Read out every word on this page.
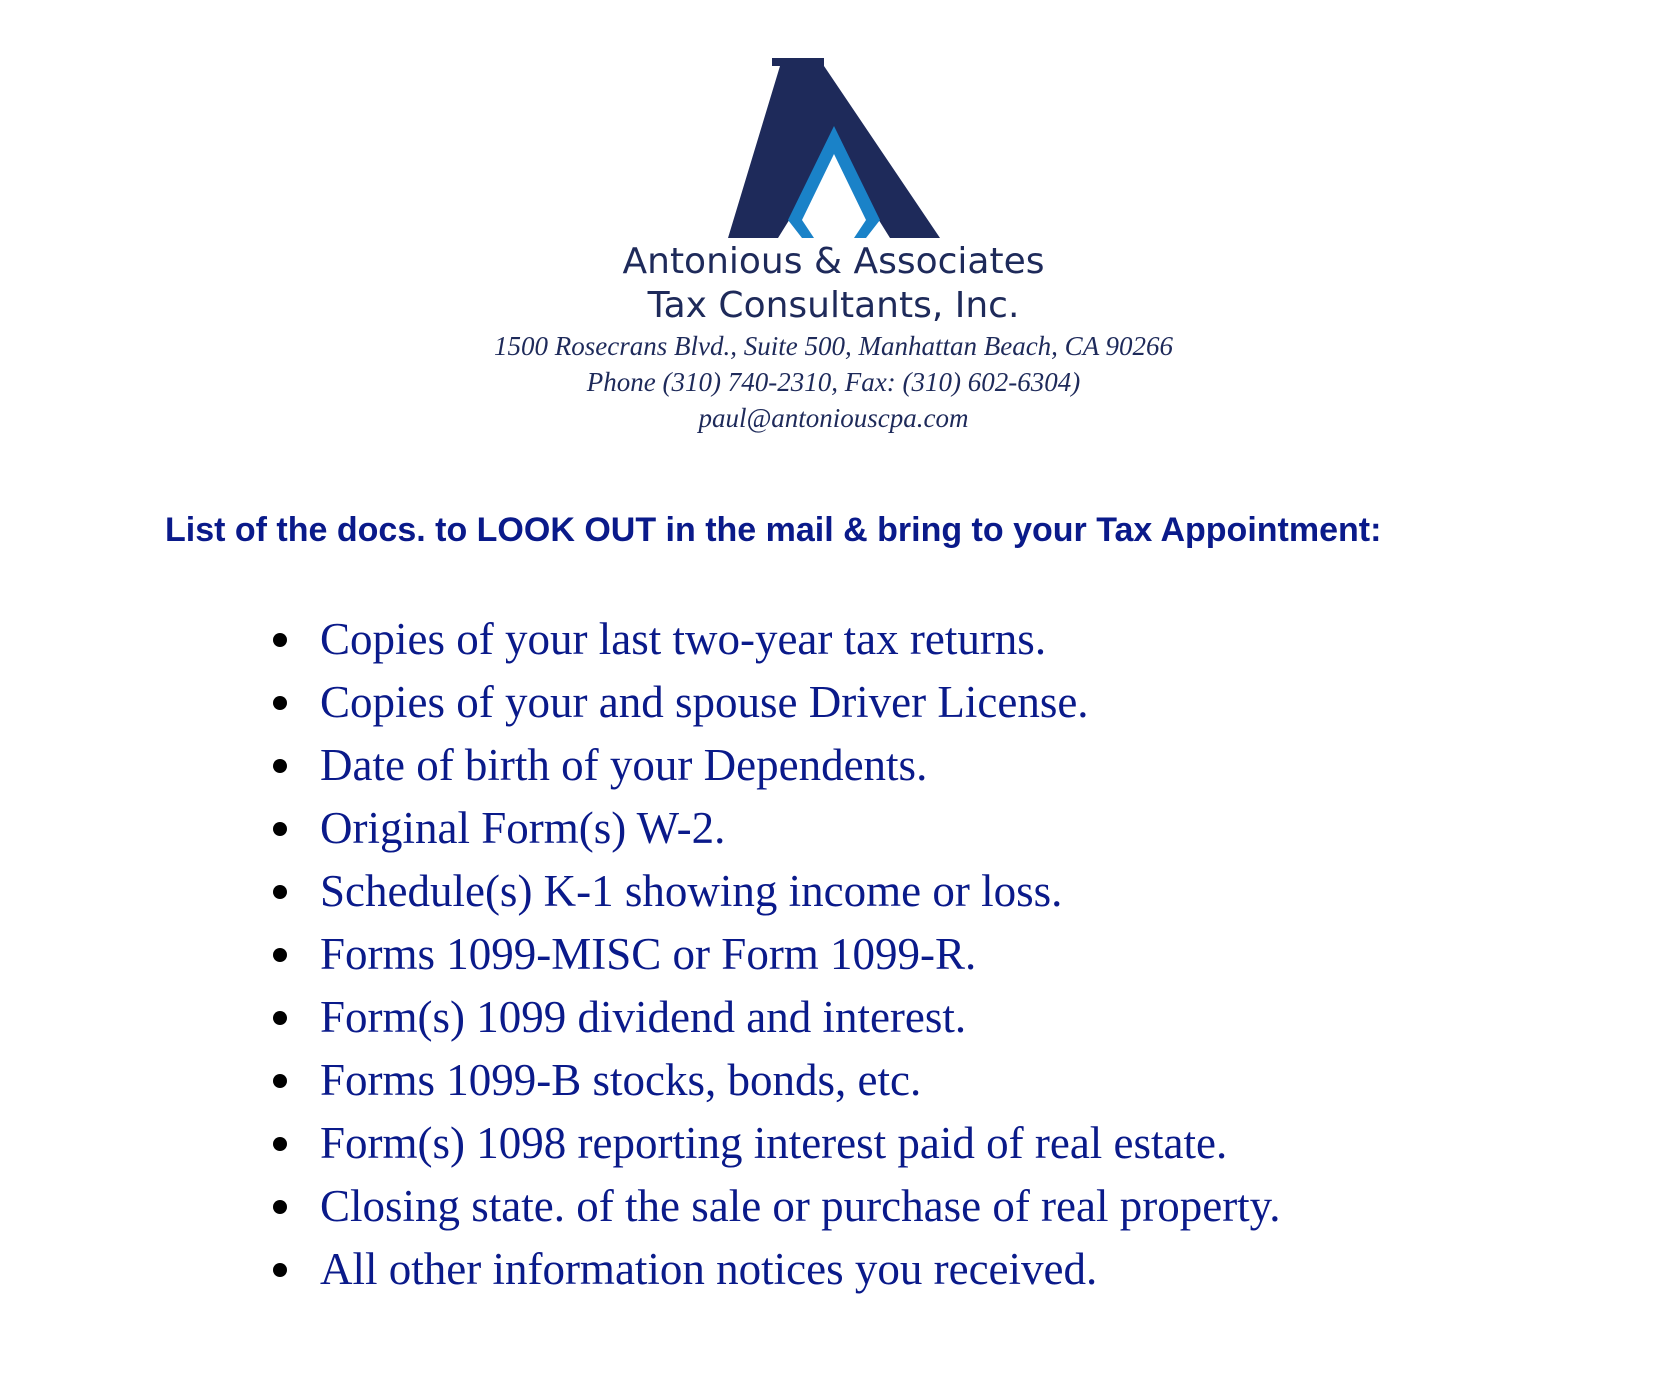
Antonious & Associates
Tax Consultants, Inc.
1500 Rosecrans Blvd., Suite 500, Manhattan Beach, CA 90266
Phone (310) 740-2310, Fax: (310) 602-6304)
paul@antoniouscpa.com
List of the docs. to LOOK OUT in the mail & bring to your Tax Appointment:
Copies of your last two-year tax returns.
Copies of your and spouse Driver License.
Date of birth of your Dependents.
Original Form(s) W-2.
Schedule(s) K-1 showing income or loss.
Forms 1099-MISC or Form 1099-R.
Form(s) 1099 dividend and interest.
Forms 1099-B stocks, bonds, etc.
Form(s) 1098 reporting interest paid of real estate.
Closing state. of the sale or purchase of real property.
All other information notices you received.
